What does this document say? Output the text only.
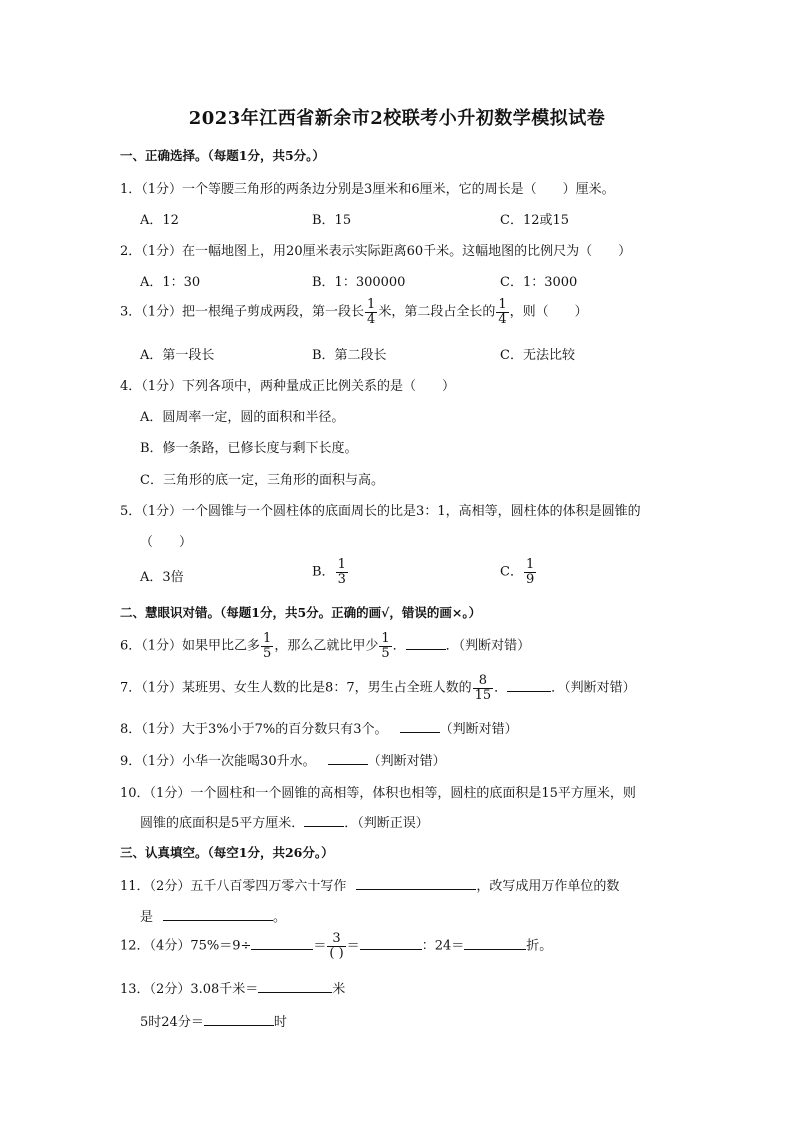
2023年江西省新余市2校联考小升初数学模拟试卷
一、正确选择。（每题1分，共5分。）
1．（1分）一个等腰三角形的两条边分别是3厘米和6厘米，它的周长是（　　）厘米。
A．12	B．15	C．12或15
2．（1分）在一幅地图上，用20厘米表示实际距离60千米。这幅地图的比例尺为（　　）
A．1：30	B．1：300000	C．1：3000
3．（1分）把一根绳子剪成两段，第一段长 $\frac{1}{4}$ 米，第二段占全长的 $\frac{1}{4}$ ，则（　　）
A．第一段长	B．第二段长	C．无法比较
4．（1分）下列各项中，两种量成正比例关系的是（　　）
A．圆周率一定，圆的面积和半径。
B．修一条路，已修长度与剩下长度。
C．三角形的底一定，三角形的面积与高。
5．（1分）一个圆锥与一个圆柱体的底面周长的比是3：1，高相等，圆柱体的体积是圆锥的
（　　）
A．3倍	B． $\frac{1}{3}$	C． $\frac{1}{9}$
二、慧眼识对错。（每题1分，共5分。正确的画√，错误的画×。）
6．（1分）如果甲比乙多 $\frac{1}{5}$ ，那么乙就比甲少 $\frac{1}{5}$ ．	．（判断对错）
7．（1分）某班男、女生人数的比是8：7，男生占全班人数的 $\frac{8}{15}$ ．	．（判断对错）
8．（1分）大于3%小于7%的百分数只有3个。	（判断对错）
9．（1分）小华一次能喝30升水。	（判断对错）
10．（1分）一个圆柱和一个圆锥的高相等，体积也相等，圆柱的底面积是15平方厘米，则
圆锥的底面积是5平方厘米．	．（判断正误）
三、认真填空。（每空1分，共26分。）
11．（2分）五千八百零四万零六十写作	，改写成用万作单位的数
是	。
12．（4分）75%＝9÷	＝ $\frac{3}{( )}$ ＝	：24＝	折。
13．（2分）3.08千米＝	米
5时24分＝	时
